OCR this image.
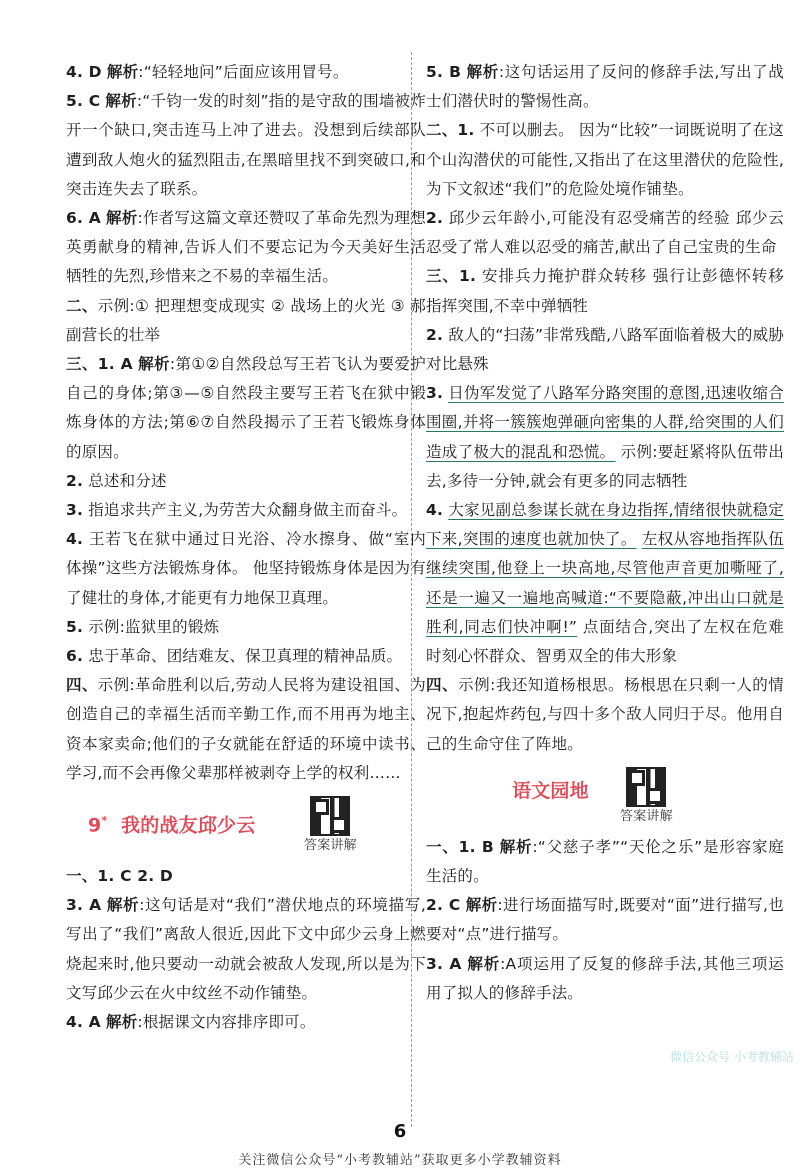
4. D 解析:“轻轻地问”后面应该用冒号。

5. C 解析:“千钧一发的时刻”指的是守敌的围墙被炸开一个缺口,突击连马上冲了进去。没想到后续部队遭到敌人炮火的猛烈阻击,在黑暗里找不到突破口,和突击连失去了联系。

6. A 解析:作者写这篇文章还赞叹了革命先烈为理想英勇献身的精神,告诉人们不要忘记为今天美好生活牺牲的先烈,珍惜来之不易的幸福生活。

二、示例:① 把理想变成现实 ② 战场上的火光 ③ 郝副营长的壮举

三、1. A 解析:第①②自然段总写王若飞认为要爱护自己的身体;第③—⑤自然段主要写王若飞在狱中锻炼身体的方法;第⑥⑦自然段揭示了王若飞锻炼身体的原因。

2. 总述和分述

3. 指追求共产主义,为劳苦大众翻身做主而奋斗。

4. 王若飞在狱中通过日光浴、冷水擦身、做“室内体操”这些方法锻炼身体。 他坚持锻炼身体是因为有了健壮的身体,才能更有力地保卫真理。

5. 示例:监狱里的锻炼

6. 忠于革命、团结难友、保卫真理的精神品质。

四、示例:革命胜利以后,劳动人民将为建设祖国、为创造自己的幸福生活而辛勤工作,而不用再为地主、资本家卖命;他们的子女就能在舒适的环境中读书、学习,而不会再像父辈那样被剥夺上学的权利……

9* 我的战友邱少云
答案讲解

一、1. C 2. D

3. A 解析:这句话是对“我们”潜伏地点的环境描写,写出了“我们”离敌人很近,因此下文中邱少云身上燃烧起来时,他只要动一动就会被敌人发现,所以是为下文写邱少云在火中纹丝不动作铺垫。

4. A 解析:根据课文内容排序即可。

5. B 解析:这句话运用了反问的修辞手法,写出了战士们潜伏时的警惕性高。

二、1. 不可以删去。 因为“比较”一词既说明了在这个山沟潜伏的可能性,又指出了在这里潜伏的危险性,为下文叙述“我们”的危险处境作铺垫。

2. 邱少云年龄小,可能没有忍受痛苦的经验 邱少云忍受了常人难以忍受的痛苦,献出了自己宝贵的生命

三、1. 安排兵力掩护群众转移 强行让彭德怀转移 指挥突围,不幸中弹牺牲

2. 敌人的“扫荡”非常残酷,八路军面临着极大的威胁 对比悬殊

3. 日伪军发觉了八路军分路突围的意图,迅速收缩合围圈,并将一簇簇炮弹砸向密集的人群,给突围的人们造成了极大的混乱和恐慌。 示例:要赶紧将队伍带出去,多待一分钟,就会有更多的同志牺牲

4. 大家见副总参谋长就在身边指挥,情绪很快就稳定下来,突围的速度也就加快了。 左权从容地指挥队伍继续突围,他登上一块高地,尽管他声音更加嘶哑了,还是一遍又一遍地高喊道:“不要隐蔽,冲出山口就是胜利,同志们快冲啊!” 点面结合,突出了左权在危难时刻心怀群众、智勇双全的伟大形象

四、示例:我还知道杨根思。杨根思在只剩一人的情况下,抱起炸药包,与四十多个敌人同归于尽。他用自己的生命守住了阵地。

语文园地
答案讲解

一、1. B 解析:“父慈子孝”“天伦之乐”是形容家庭生活的。

2. C 解析:进行场面描写时,既要对“面”进行描写,也要对“点”进行描写。

3. A 解析:A项运用了反复的修辞手法,其他三项运用了拟人的修辞手法。

微信公众号 小考教辅站
6
关注微信公众号“小考教辅站”获取更多小学教辅资料
